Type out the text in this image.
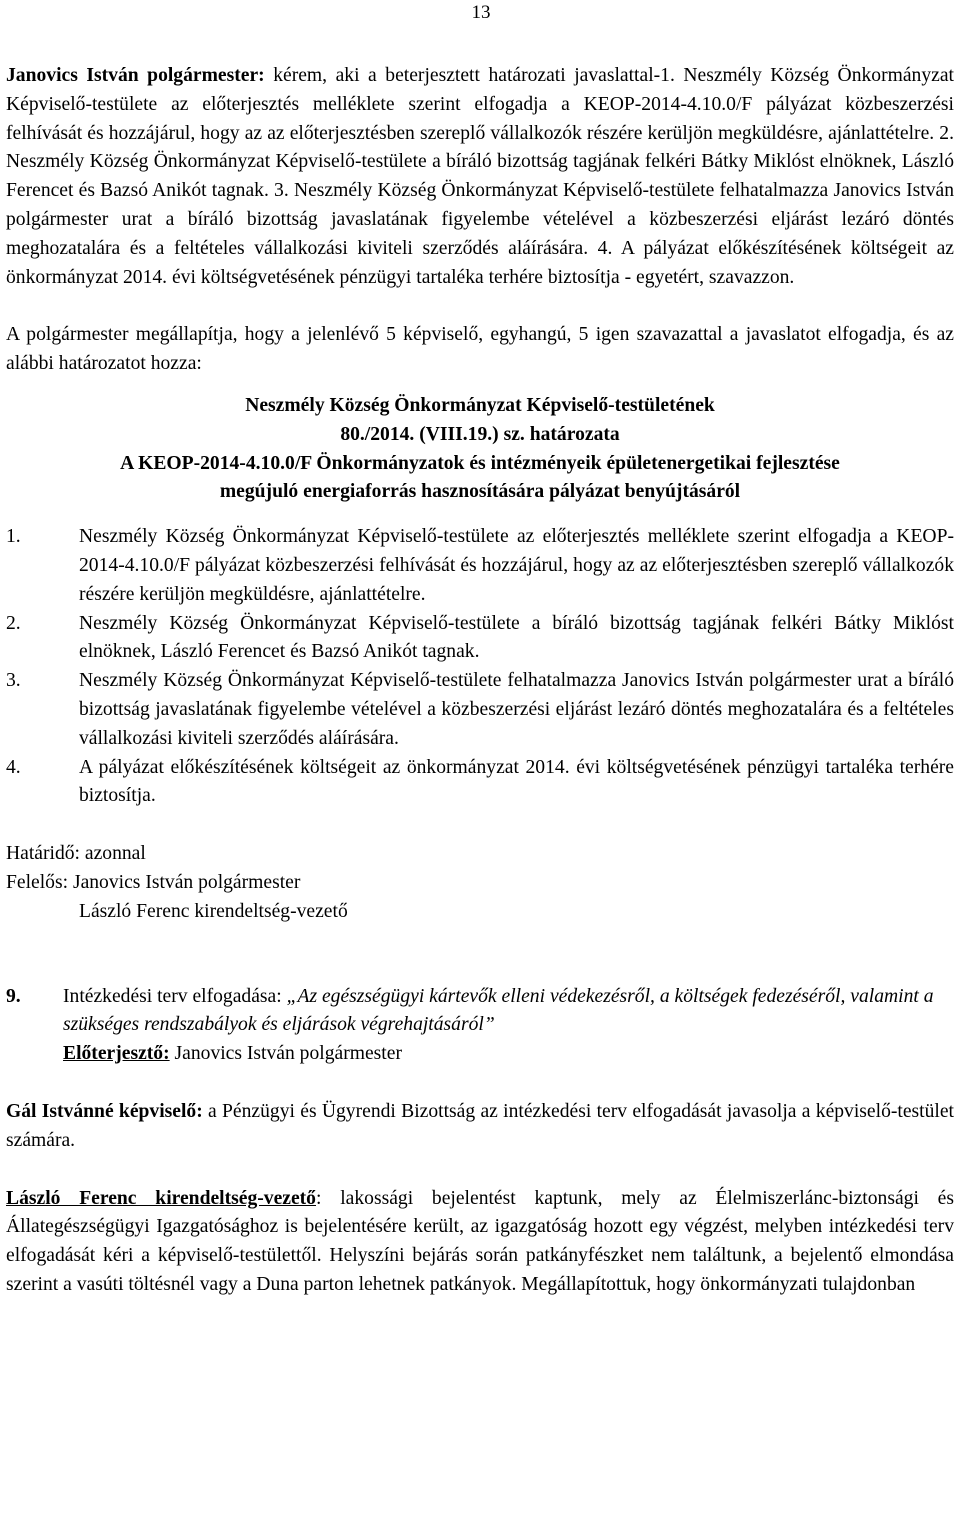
13

Janovics István polgármester: kérem, aki a beterjesztett határozati javaslattal-1. Neszmély Község Önkormányzat Képviselő-testülete az előterjesztés melléklete szerint elfogadja a KEOP-2014-4.10.0/F pályázat közbeszerzési felhívását és hozzájárul, hogy az az előterjesztésben szereplő vállalkozók részére kerüljön megküldésre, ajánlattételre. 2. Neszmély Község Önkormányzat Képviselő-testülete a bíráló bizottság tagjának felkéri Bátky Miklóst elnöknek, László Ferencet és Bazsó Anikót tagnak. 3. Neszmély Község Önkormányzat Képviselő-testülete felhatalmazza Janovics István polgármester urat a bíráló bizottság javaslatának figyelembe vételével a közbeszerzési eljárást lezáró döntés meghozatalára és a feltételes vállalkozási kiviteli szerződés aláírására. 4. A pályázat előkészítésének költségeit az önkormányzat 2014. évi költségvetésének pénzügyi tartaléka terhére biztosítja - egyetért, szavazzon.

A polgármester megállapítja, hogy a jelenlévő 5 képviselő, egyhangú, 5 igen szavazattal a javaslatot elfogadja, és az alábbi határozatot hozza:

Neszmély Község Önkormányzat Képviselő-testületének
80./2014. (VIII.19.) sz. határozata
A KEOP-2014-4.10.0/F Önkormányzatok és intézményeik épületenergetikai fejlesztése
megújuló energiaforrás hasznosítására pályázat benyújtásáról
1.	Neszmély Község Önkormányzat Képviselő-testülete az előterjesztés melléklete szerint elfogadja a KEOP-2014-4.10.0/F pályázat közbeszerzési felhívását és hozzájárul, hogy az az előterjesztésben szereplő vállalkozók részére kerüljön megküldésre, ajánlattételre.
2.	Neszmély Község Önkormányzat Képviselő-testülete a bíráló bizottság tagjának felkéri Bátky Miklóst elnöknek, László Ferencet és Bazsó Anikót tagnak.
3.	Neszmély Község Önkormányzat Képviselő-testülete felhatalmazza Janovics István polgármester urat a bíráló bizottság javaslatának figyelembe vételével a közbeszerzési eljárást lezáró döntés meghozatalára és a feltételes vállalkozási kiviteli szerződés aláírására.
4.	A pályázat előkészítésének költségeit az önkormányzat 2014. évi költségvetésének pénzügyi tartaléka terhére biztosítja.
Határidő: azonnal
Felelős: Janovics István polgármester
László Ferenc kirendeltség-vezető
9.	Intézkedési terv elfogadása: „Az egészségügyi kártevők elleni védekezésről, a költségek fedezéséről, valamint a szükséges rendszabályok és eljárások végrehajtásáról”
Előterjesztő: Janovics István polgármester

Gál Istvánné képviselő: a Pénzügyi és Ügyrendi Bizottság az intézkedési terv elfogadását javasolja a képviselő-testület számára.

László Ferenc kirendeltség-vezető: lakossági bejelentést kaptunk, mely az Élelmiszerlánc-biztonsági és Állategészségügyi Igazgatósághoz is bejelentésére került, az igazgatóság hozott egy végzést, melyben intézkedési terv elfogadását kéri a képviselő-testülettől. Helyszíni bejárás során patkányfészket nem találtunk, a bejelentő elmondása szerint a vasúti töltésnél vagy a Duna parton lehetnek patkányok. Megállapítottuk, hogy önkormányzati tulajdonban
